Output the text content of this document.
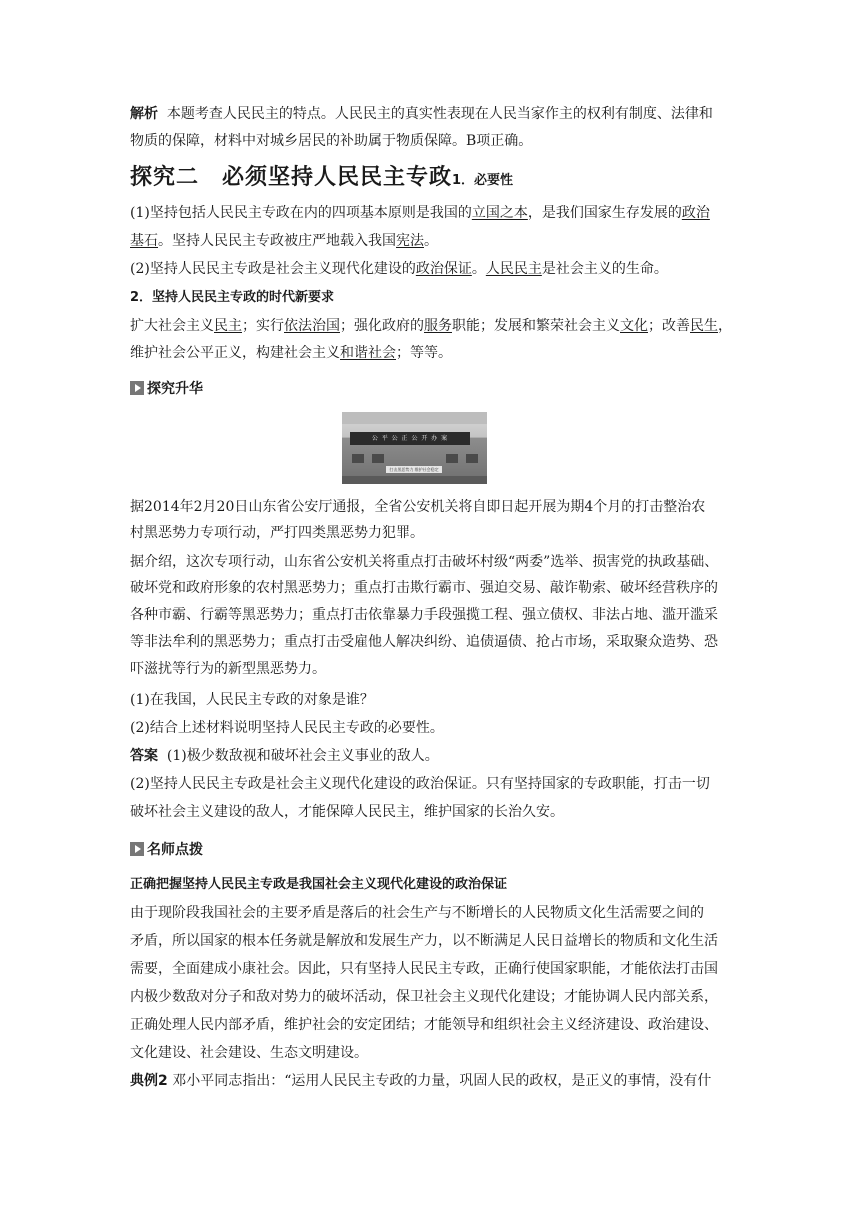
解析 本题考查人民民主的特点。人民民主的真实性表现在人民当家作主的权利有制度、法律和
物质的保障，材料中对城乡居民的补助属于物质保障。B项正确。
探究二　必须坚持人民民主专政1．必要性
(1)坚持包括人民民主专政在内的四项基本原则是我国的立国之本，是我们国家生存发展的政治
基石。坚持人民民主专政被庄严地载入我国宪法。
(2)坚持人民民主专政是社会主义现代化建设的政治保证。人民民主是社会主义的生命。
2．坚持人民民主专政的时代新要求
扩大社会主义民主；实行依法治国；强化政府的服务职能；发展和繁荣社会主义文化；改善民生，
维护社会公平正义，构建社会主义和谐社会；等等。
探究升华
公 平 公 正 公 开 办 案
打击黑恶势力 维护社会稳定
据2014年2月20日山东省公安厅通报，全省公安机关将自即日起开展为期4个月的打击整治农
村黑恶势力专项行动，严打四类黑恶势力犯罪。
据介绍，这次专项行动，山东省公安机关将重点打击破坏村级“两委”选举、损害党的执政基础、
破坏党和政府形象的农村黑恶势力；重点打击欺行霸市、强迫交易、敲诈勒索、破坏经营秩序的
各种市霸、行霸等黑恶势力；重点打击依靠暴力手段强揽工程、强立债权、非法占地、滥开滥采
等非法牟利的黑恶势力；重点打击受雇他人解决纠纷、追债逼债、抢占市场，采取聚众造势、恐
吓滋扰等行为的新型黑恶势力。
(1)在我国，人民民主专政的对象是谁？
(2)结合上述材料说明坚持人民民主专政的必要性。
答案 (1)极少数敌视和破坏社会主义事业的敌人。
(2)坚持人民民主专政是社会主义现代化建设的政治保证。只有坚持国家的专政职能，打击一切
破坏社会主义建设的敌人，才能保障人民民主，维护国家的长治久安。
名师点拨
正确把握坚持人民民主专政是我国社会主义现代化建设的政治保证
由于现阶段我国社会的主要矛盾是落后的社会生产与不断增长的人民物质文化生活需要之间的
矛盾，所以国家的根本任务就是解放和发展生产力，以不断满足人民日益增长的物质和文化生活
需要，全面建成小康社会。因此，只有坚持人民民主专政，正确行使国家职能，才能依法打击国
内极少数敌对分子和敌对势力的破坏活动，保卫社会主义现代化建设；才能协调人民内部关系，
正确处理人民内部矛盾，维护社会的安定团结；才能领导和组织社会主义经济建设、政治建设、
文化建设、社会建设、生态文明建设。
典例2 邓小平同志指出：“运用人民民主专政的力量，巩固人民的政权，是正义的事情，没有什
